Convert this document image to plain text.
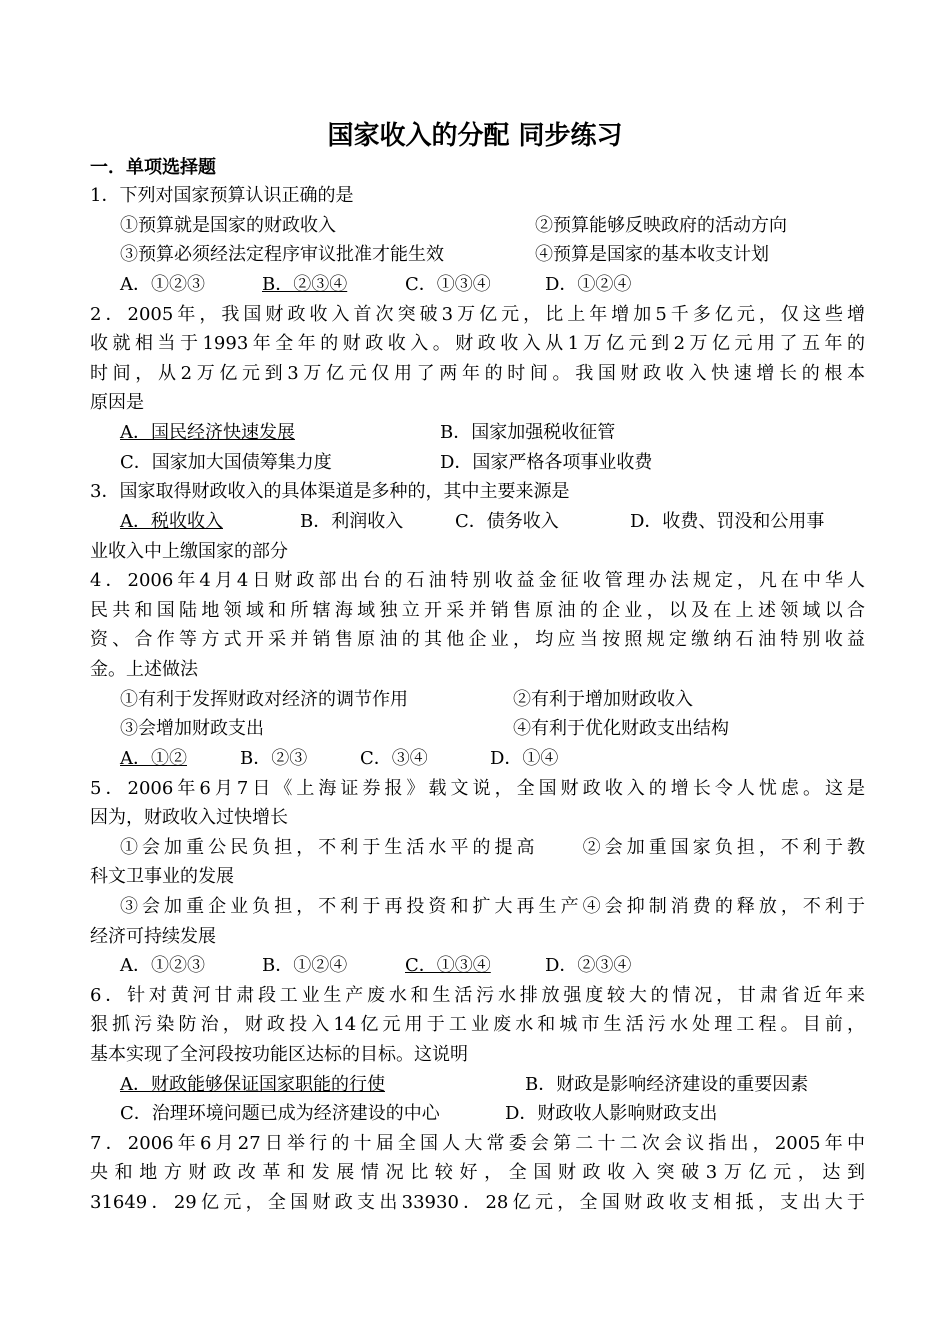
国家收入的分配 同步练习
一．单项选择题
1．下列对国家预算认识正确的是
①预算就是国家的财政收入	②预算能够反映政府的活动方向
③预算必须经法定程序审议批准才能生效	④预算是国家的基本收支计划
A．①②③	B．②③④	C．①③④	D．①②④
2．2005年，我国财政收入首次突破3万亿元，比上年增加5千多亿元，仅这些增
收就相当于1993年全年的财政收入。财政收入从1万亿元到2万亿元用了五年的
时间，从2万亿元到3万亿元仅用了两年的时间。我国财政收入快速增长的根本
原因是
A．国民经济快速发展	B．国家加强税收征管
C．国家加大国债筹集力度	D．国家严格各项事业收费
3．国家取得财政收入的具体渠道是多种的，其中主要来源是
A．税收收入	B．利润收入	C．债务收入	D．收费、罚没和公用事
业收入中上缴国家的部分
4．2006年4月4日财政部出台的石油特别收益金征收管理办法规定，凡在中华人
民共和国陆地领域和所辖海域独立开采并销售原油的企业，以及在上述领域以合
资、合作等方式开采并销售原油的其他企业，均应当按照规定缴纳石油特别收益
金。上述做法
①有利于发挥财政对经济的调节作用	②有利于增加财政收入
③会增加财政支出	④有利于优化财政支出结构
A．①②	B．②③	C．③④	D．①④
5．2006年6月7日《上海证券报》载文说，全国财政收入的增长令人忧虑。这是
因为，财政收入过快增长
①会加重公民负担，不利于生活水平的提高　　②会加重国家负担，不利于教
科文卫事业的发展
③会加重企业负担，不利于再投资和扩大再生产④会抑制消费的释放，不利于
经济可持续发展
A．①②③	B．①②④	C．①③④	D．②③④
6．针对黄河甘肃段工业生产废水和生活污水排放强度较大的情况，甘肃省近年来
狠抓污染防治，财政投入14亿元用于工业废水和城市生活污水处理工程。目前，
基本实现了全河段按功能区达标的目标。这说明
A．财政能够保证国家职能的行使	B．财政是影响经济建设的重要因素
C．治理环境问题已成为经济建设的中心	D．财政收人影响财政支出
7．2006年6月27日举行的十届全国人大常委会第二十二次会议指出，2005年中
央和地方财政改革和发展情况比较好，全国财政收入突破3万亿元，达到
31649．29亿元，全国财政支出33930．28亿元，全国财政收支相抵，支出大于
